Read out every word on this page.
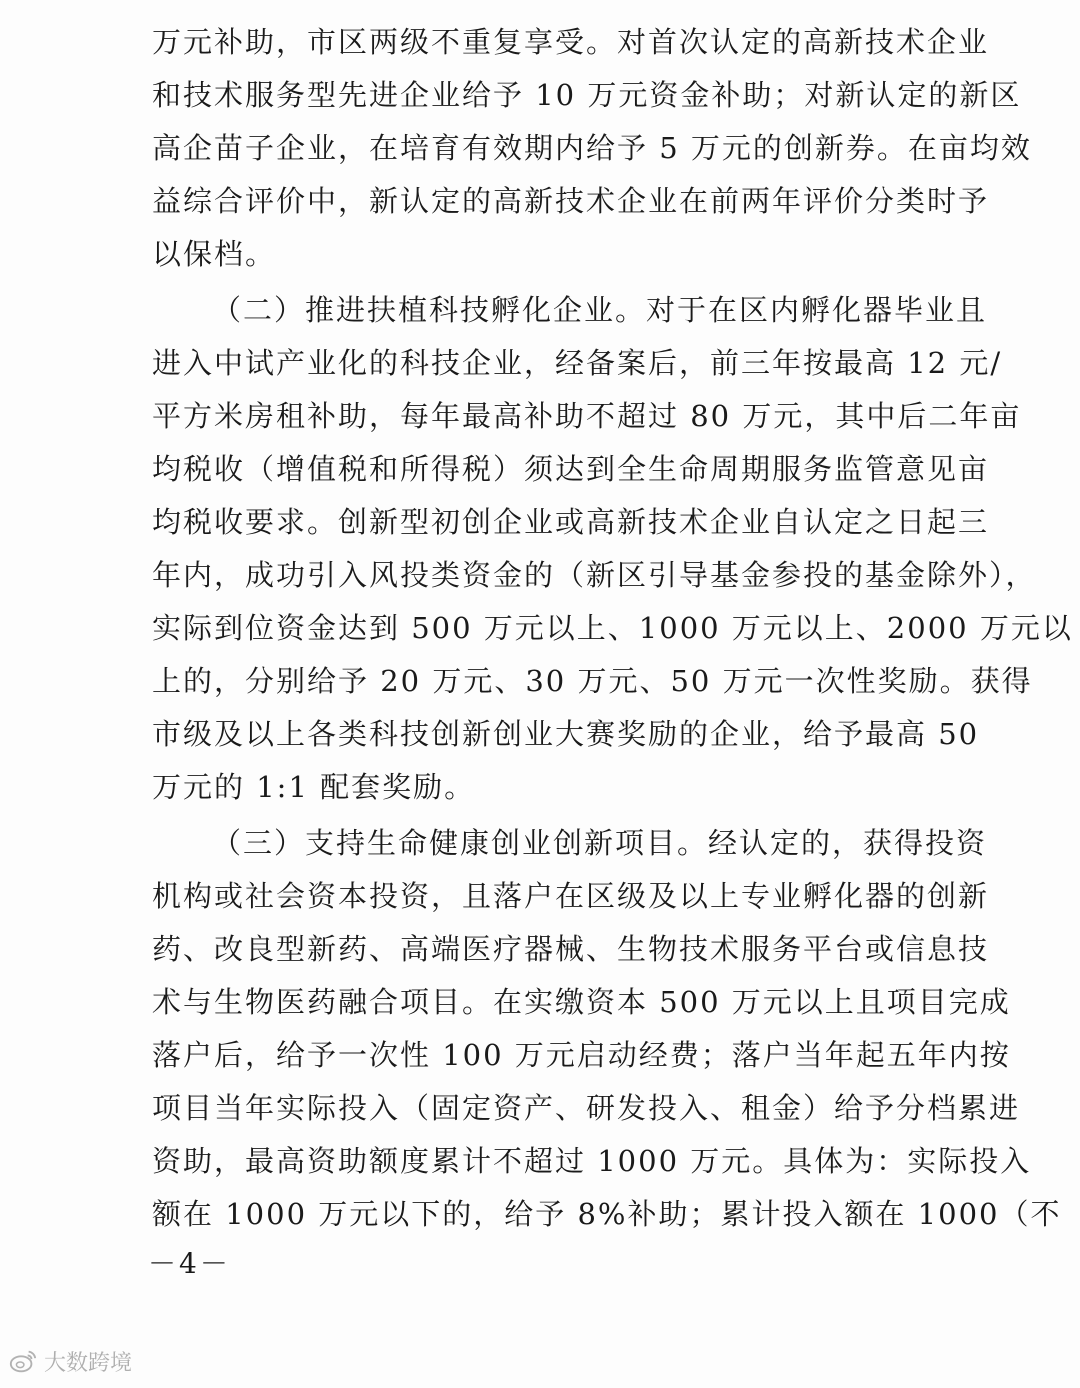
万元补助，市区两级不重复享受。对首次认定的高新技术企业
和技术服务型先进企业给予 10 万元资金补助；对新认定的新区
高企苗子企业，在培育有效期内给予 5 万元的创新券。在亩均效
益综合评价中，新认定的高新技术企业在前两年评价分类时予
以保档。
（二）推进扶植科技孵化企业。对于在区内孵化器毕业且
进入中试产业化的科技企业，经备案后，前三年按最高 12 元/
平方米房租补助，每年最高补助不超过 80 万元，其中后二年亩
均税收（增值税和所得税）须达到全生命周期服务监管意见亩
均税收要求。创新型初创企业或高新技术企业自认定之日起三
年内，成功引入风投类资金的（新区引导基金参投的基金除外），
实际到位资金达到 500 万元以上、1000 万元以上、2000 万元以
上的，分别给予 20 万元、30 万元、50 万元一次性奖励。获得
市级及以上各类科技创新创业大赛奖励的企业，给予最高 50
万元的 1:1 配套奖励。
（三）支持生命健康创业创新项目。经认定的，获得投资
机构或社会资本投资，且落户在区级及以上专业孵化器的创新
药、改良型新药、高端医疗器械、生物技术服务平台或信息技
术与生物医药融合项目。在实缴资本 500 万元以上且项目完成
落户后，给予一次性 100 万元启动经费；落户当年起五年内按
项目当年实际投入（固定资产、研发投入、租金）给予分档累进
资助，最高资助额度累计不超过 1000 万元。具体为：实际投入
额在 1000 万元以下的，给予 8%补助；累计投入额在 1000（不
－4－
大数跨境
